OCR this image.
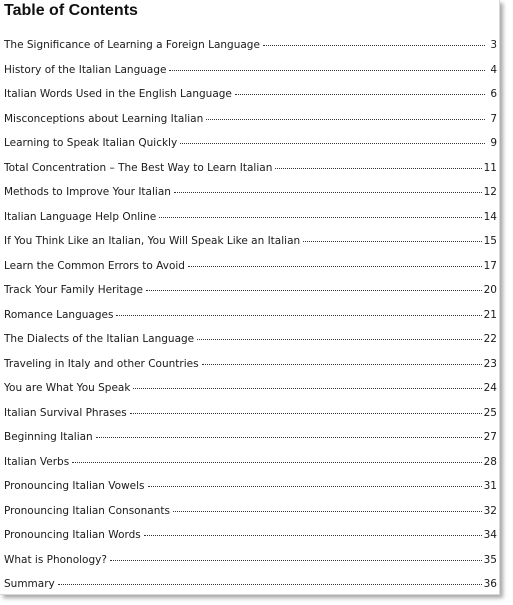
Table of Contents
The Significance of Learning a Foreign Language	3
History of the Italian Language	4
Italian Words Used in the English Language	6
Misconceptions about Learning Italian	7
Learning to Speak Italian Quickly	9
Total Concentration – The Best Way to Learn Italian	11
Methods to Improve Your Italian	12
Italian Language Help Online	14
If You Think Like an Italian, You Will Speak Like an Italian	15
Learn the Common Errors to Avoid	17
Track Your Family Heritage	20
Romance Languages	21
The Dialects of the Italian Language	22
Traveling in Italy and other Countries	23
You are What You Speak	24
Italian Survival Phrases	25
Beginning Italian	27
Italian Verbs	28
Pronouncing Italian Vowels	31
Pronouncing Italian Consonants	32
Pronouncing Italian Words	34
What is Phonology?	35
Summary	36
